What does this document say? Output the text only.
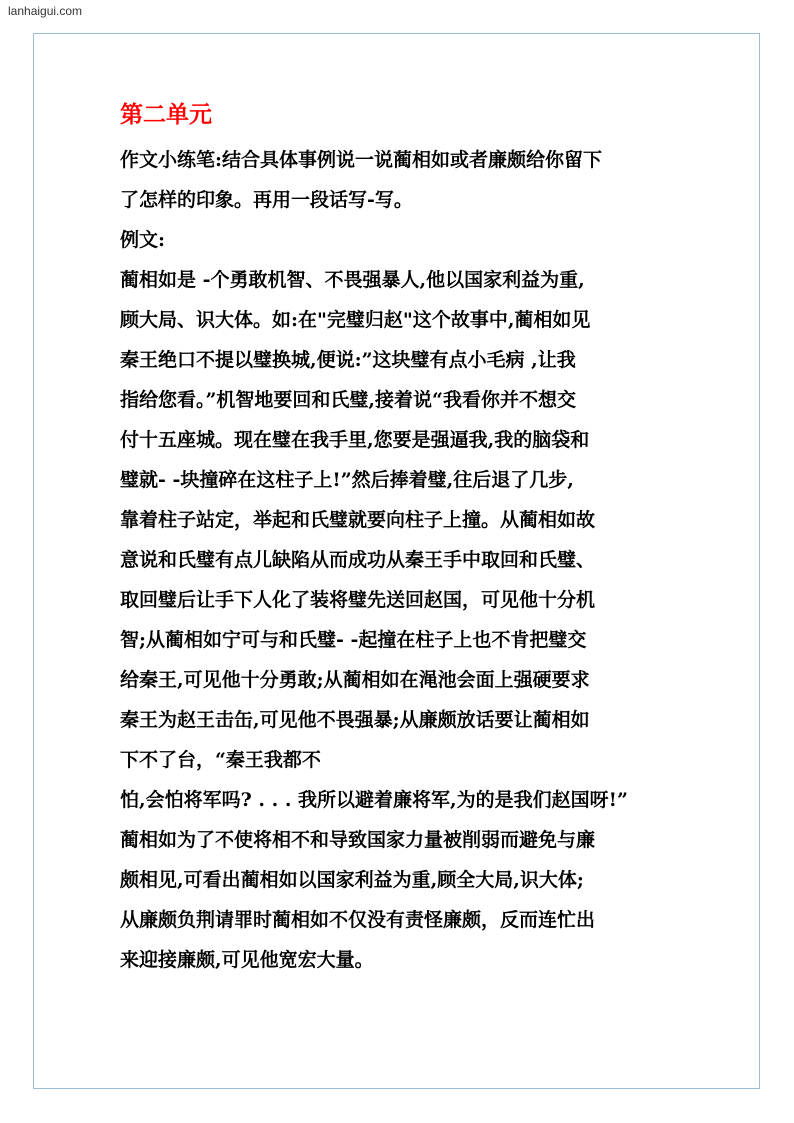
lanhaigui.com
第二单元
作文小练笔:结合具体事例说一说蔺相如或者廉颇给你留下
了怎样的印象。再用一段话写-写。
例文:
蔺相如是 -个勇敢机智、不畏强暴人,他以国家利益为重,
顾大局、识大体。如:在"完璧归赵"这个故事中,蔺相如见
秦王绝口不提以璧换城,便说:”这块璧有点小毛病 ,让我
指给您看。”机智地要回和氏璧,接着说“我看你并不想交
付十五座城。现在璧在我手里,您要是强逼我,我的脑袋和
璧就- -块撞碎在这柱子上!”然后捧着璧,往后退了几步,
靠着柱子站定，举起和氏璧就要向柱子上撞。从蔺相如故
意说和氏璧有点儿缺陷从而成功从秦王手中取回和氏璧、
取回璧后让手下人化了装将璧先送回赵国，可见他十分机
智;从蔺相如宁可与和氏璧- -起撞在柱子上也不肯把璧交
给秦王,可见他十分勇敢;从蔺相如在渑池会面上强硬要求
秦王为赵王击缶,可见他不畏强暴;从廉颇放话要让蔺相如
下不了台，“秦王我都不
怕,会怕将军吗? . . . 我所以避着廉将军,为的是我们赵国呀!”
蔺相如为了不使将相不和导致国家力量被削弱而避免与廉
颇相见,可看出蔺相如以国家利益为重,顾全大局,识大体;
从廉颇负荆请罪时蔺相如不仅没有责怪廉颇，反而连忙出
来迎接廉颇,可见他宽宏大量。
